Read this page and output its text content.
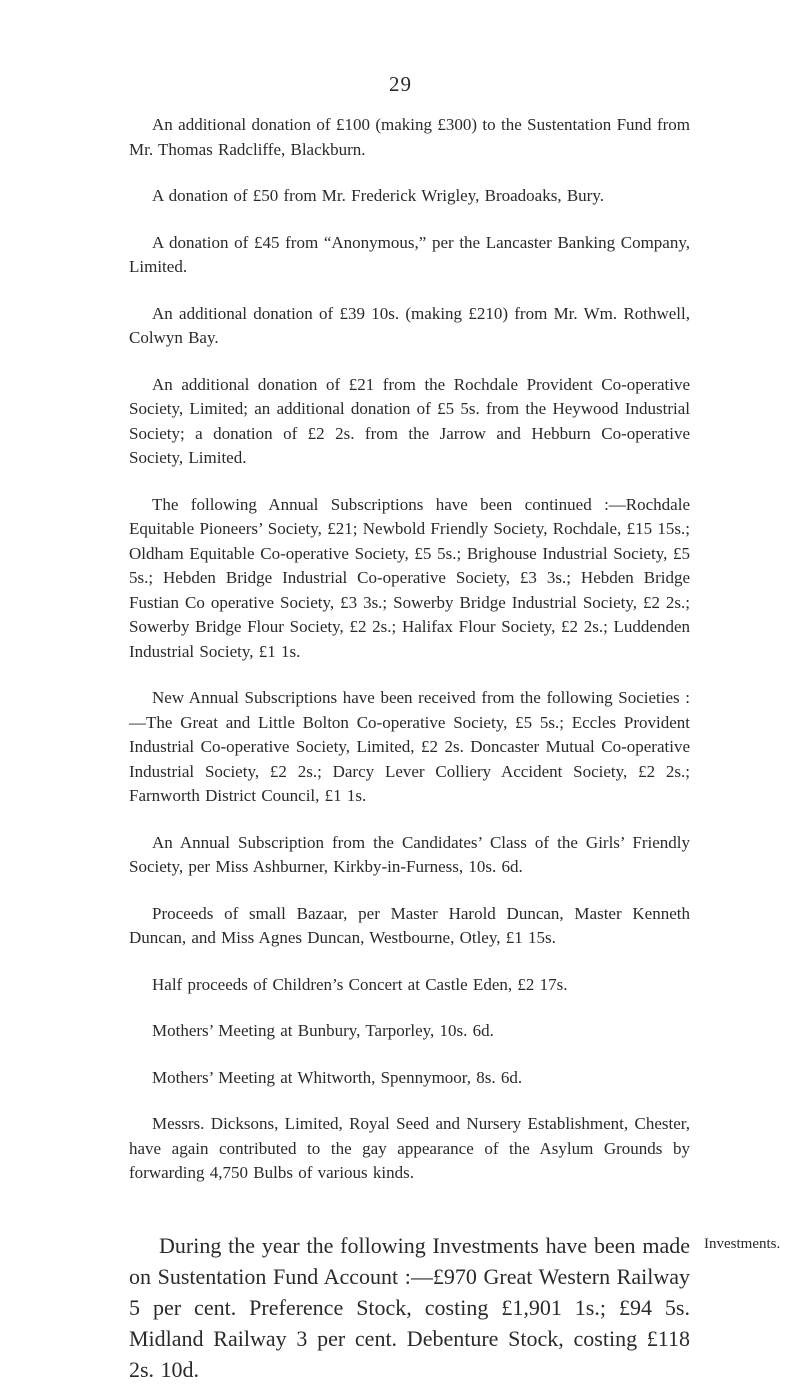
29

An additional donation of £100 (making £300) to the Sustentation Fund from Mr. Thomas Radcliffe, Blackburn.

A donation of £50 from Mr. Frederick Wrigley, Broadoaks, Bury.

A donation of £45 from “Anonymous,” per the Lancaster Banking Company, Limited.

An additional donation of £39 10s. (making £210) from Mr. Wm. Rothwell, Colwyn Bay.

An additional donation of £21 from the Rochdale Provident Co-operative Society, Limited; an additional donation of £5 5s. from the Heywood Industrial Society; a donation of £2 2s. from the Jarrow and Hebburn Co-operative Society, Limited.

The following Annual Subscriptions have been continued :—Rochdale Equitable Pioneers’ Society, £21; Newbold Friendly Society, Rochdale, £15 15s.; Oldham Equitable Co-operative Society, £5 5s.; Brighouse Industrial Society, £5 5s.; Hebden Bridge Industrial Co-operative Society, £3 3s.; Hebden Bridge Fustian Co operative Society, £3 3s.; Sowerby Bridge Industrial Society, £2 2s.; Sowerby Bridge Flour Society, £2 2s.; Halifax Flour Society, £2 2s.; Luddenden Industrial Society, £1 1s.

New Annual Subscriptions have been received from the following Societies :—The Great and Little Bolton Co-operative Society, £5 5s.; Eccles Provident Industrial Co-operative Society, Limited, £2 2s. Doncaster Mutual Co-operative Industrial Society, £2 2s.; Darcy Lever Colliery Accident Society, £2 2s.; Farnworth District Council, £1 1s.

An Annual Subscription from the Candidates’ Class of the Girls’ Friendly Society, per Miss Ashburner, Kirkby-in-Furness, 10s. 6d.

Proceeds of small Bazaar, per Master Harold Duncan, Master Kenneth Duncan, and Miss Agnes Duncan, Westbourne, Otley, £1 15s.

Half proceeds of Children’s Concert at Castle Eden, £2 17s.

Mothers’ Meeting at Bunbury, Tarporley, 10s. 6d.

Mothers’ Meeting at Whitworth, Spennymoor, 8s. 6d.

Messrs. Dicksons, Limited, Royal Seed and Nursery Establishment, Chester, have again contributed to the gay appearance of the Asylum Grounds by forwarding 4,750 Bulbs of various kinds.

Investments.

During the year the following Investments have been made on Sustentation Fund Account :—£970 Great Western Railway 5 per cent. Preference Stock, costing £1,901 1s.; £94 5s. Midland Railway 3 per cent. Debenture Stock, costing £118 2s. 10d.
